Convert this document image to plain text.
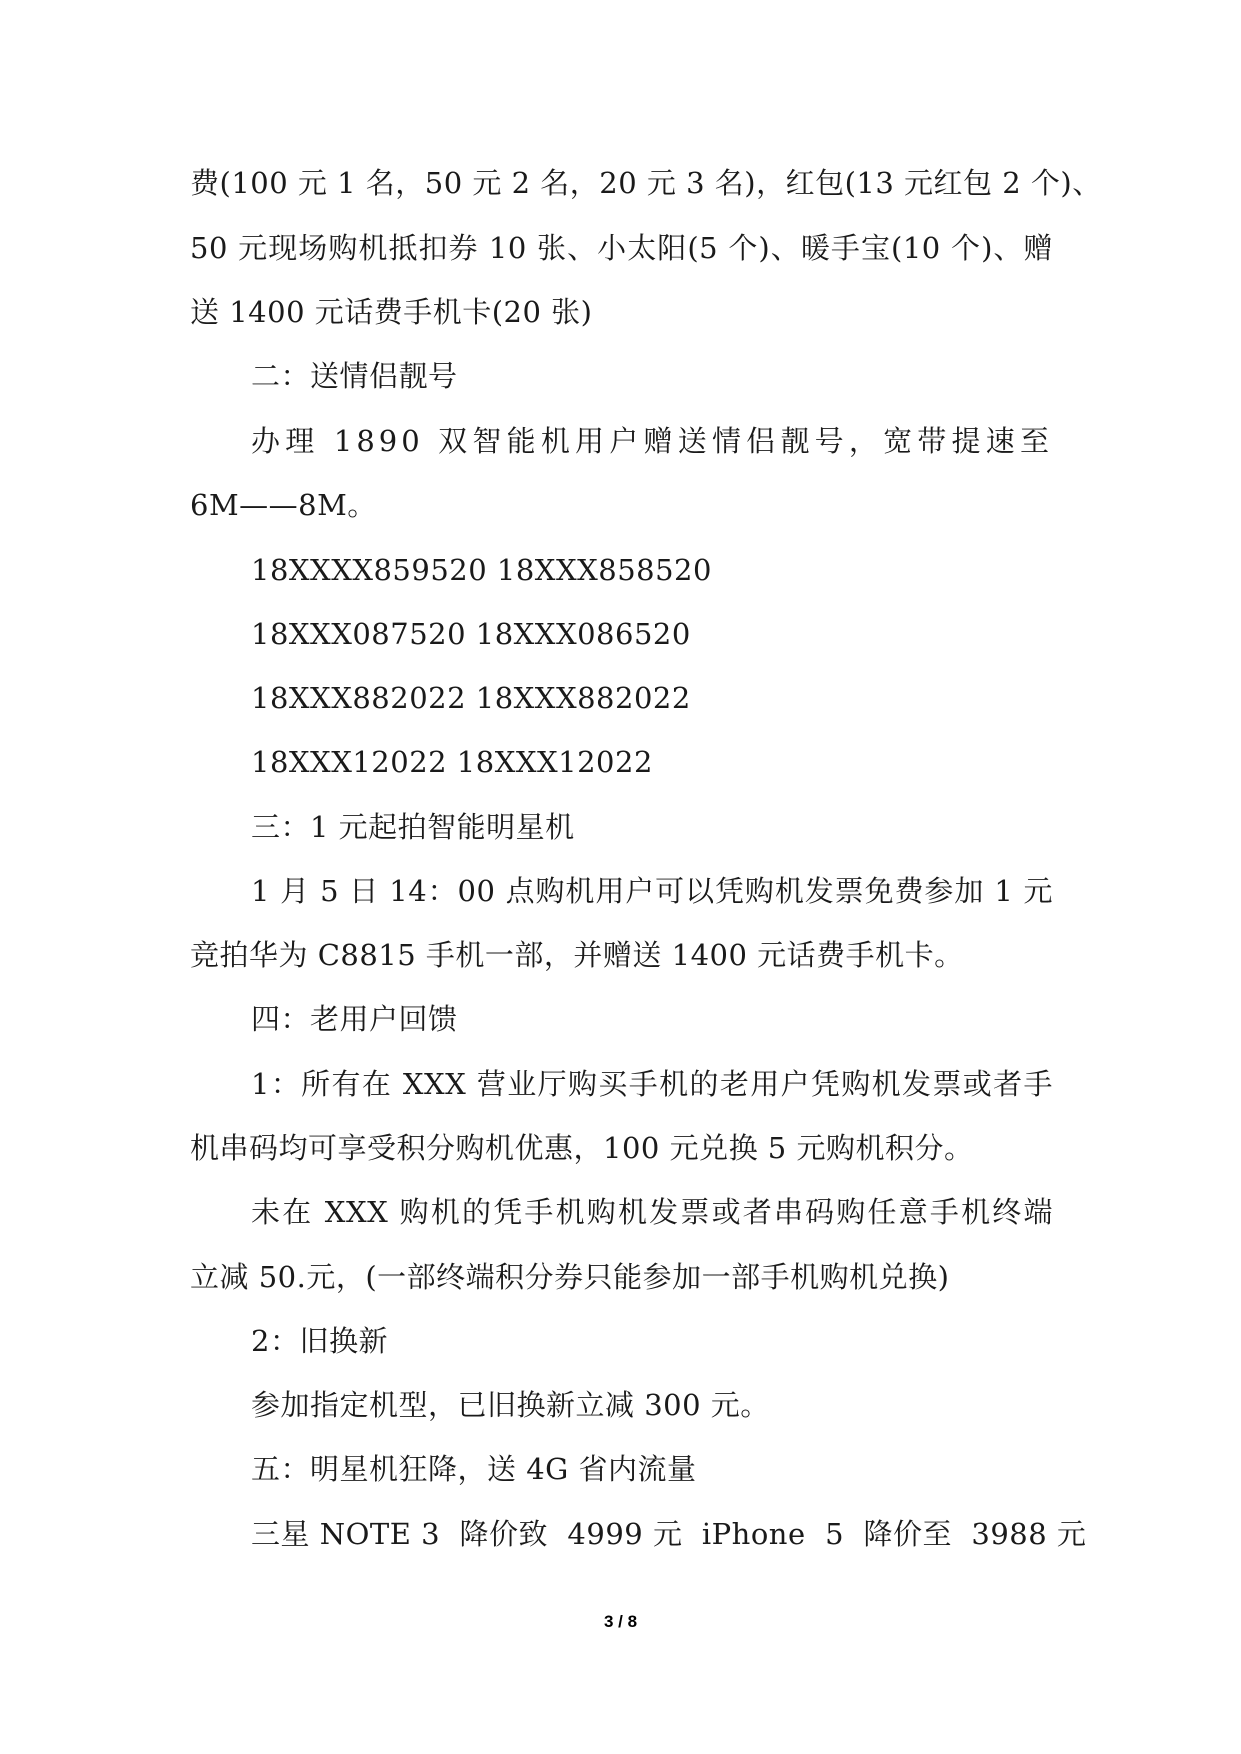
费(100 元 1 名，50 元 2 名，20 元 3 名)，红包(13 元红包 2 个)、
50 元现场购机抵扣券 10 张、小太阳(5 个)、暖手宝(10 个)、赠
送 1400 元话费手机卡(20 张)
二：送情侣靓号
办理 1890 双智能机用户赠送情侣靓号，宽带提速至
6M——8M。
18XXXX859520 18XXX858520
18XXX087520 18XXX086520
18XXX882022 18XXX882022
18XXX12022 18XXX12022
三：1 元起拍智能明星机
1 月 5 日 14：00 点购机用户可以凭购机发票免费参加 1 元
竞拍华为 C8815 手机一部，并赠送 1400 元话费手机卡。
四：老用户回馈
1：所有在 XXX 营业厅购买手机的老用户凭购机发票或者手
机串码均可享受积分购机优惠，100 元兑换 5 元购机积分。
未在 XXX 购机的凭手机购机发票或者串码购任意手机终端
立减 50.元，(一部终端积分券只能参加一部手机购机兑换)
2：旧换新
参加指定机型，已旧换新立减 300 元。
五：明星机狂降，送 4G 省内流量
三星 NOTE 3  降价致  4999 元  iPhone  5  降价至  3988 元
3 / 8
